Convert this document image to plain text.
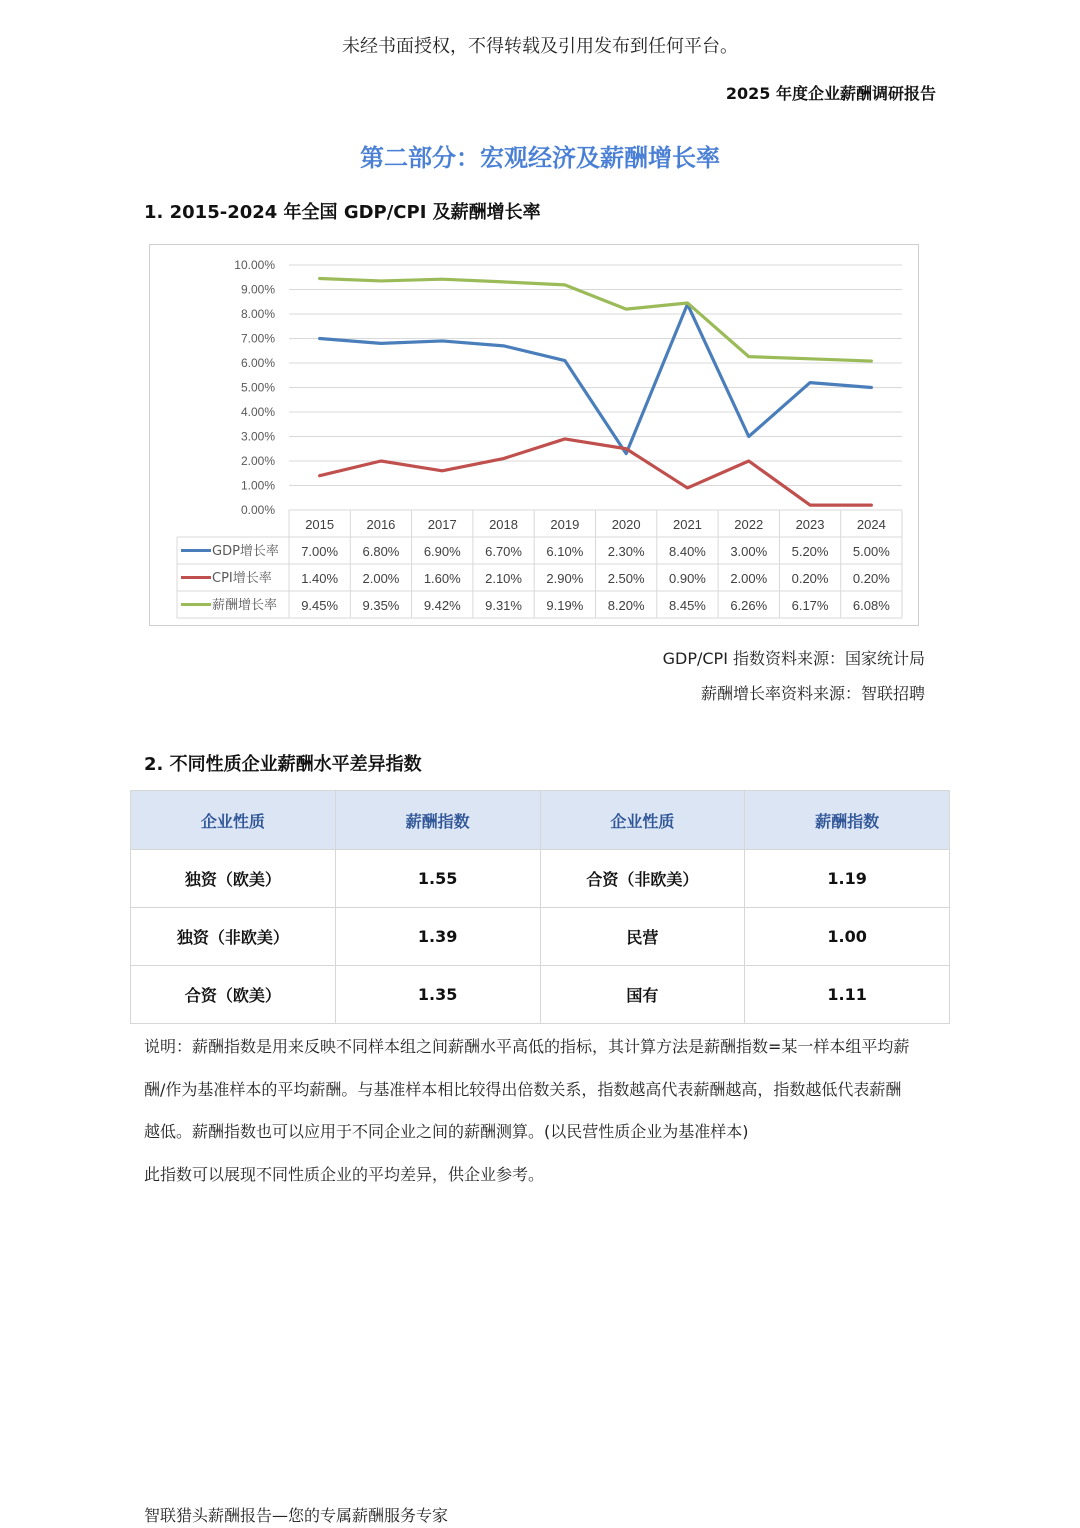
未经书面授权，不得转载及引用发布到任何平台。
2025 年度企业薪酬调研报告
第二部分：宏观经济及薪酬增长率
1. 2015-2024 年全国 GDP/CPI 及薪酬增长率
0.00%
1.00%
2.00%
3.00%
4.00%
5.00%
6.00%
7.00%
8.00%
9.00%
10.00%
2015 2016 2017 2018 2019 2020 2021 2022 2023 2024
GDP增长率 7.00% 6.80% 6.90% 6.70% 6.10% 2.30% 8.40% 3.00% 5.20% 5.00%
CPI增长率 1.40% 2.00% 1.60% 2.10% 2.90% 2.50% 0.90% 2.00% 0.20% 0.20%
薪酬增长率 9.45% 9.35% 9.42% 9.31% 9.19% 8.20% 8.45% 6.26% 6.17% 6.08%
GDP/CPI 指数资料来源：国家统计局
薪酬增长率资料来源：智联招聘
2. 不同性质企业薪酬水平差异指数
企业性质	薪酬指数	企业性质	薪酬指数
独资（欧美）	1.55	合资（非欧美）	1.19
独资（非欧美）	1.39	民营	1.00
合资（欧美）	1.35	国有	1.11

说明：薪酬指数是用来反映不同样本组之间薪酬水平高低的指标，其计算方法是薪酬指数=某一样本组平均薪

酬/作为基准样本的平均薪酬。与基准样本相比较得出倍数关系，指数越高代表薪酬越高，指数越低代表薪酬

越低。薪酬指数也可以应用于不同企业之间的薪酬测算。(以民营性质企业为基准样本)

此指数可以展现不同性质企业的平均差异，供企业参考。

智联猎头薪酬报告—您的专属薪酬服务专家
